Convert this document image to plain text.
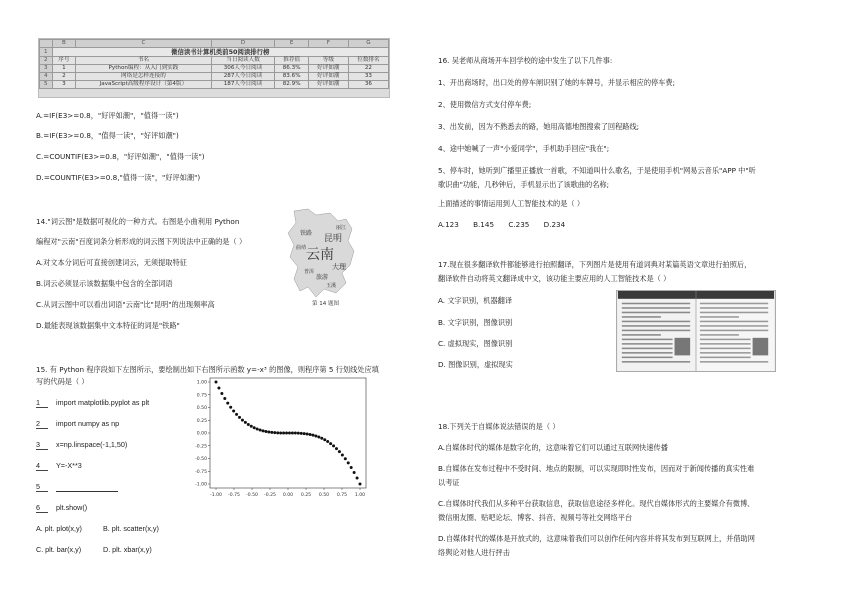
	B	C	D	E	F	G
1	微信读书计算机类前50阅读排行榜					
2	序号	书名	当日阅读人数	推荐值	等级	位数排名
3	1	Python编程：从入门到实践	306人今日阅读	86.3%	好评如潮	22
4	2	网络是怎样连接的	287人今日阅读	83.6%	好评如潮	33
5	3	JavaScript高级程序设计（第4版）	187人今日阅读	82.9%	好评如潮	36
A.=IF(E3>=0.8，"好评如潮"，"值得一读")
B.=IF(E3>=0.8，"值得一读"，"好评如潮")
C.=COUNTIF(E3>=0.8，"好评如潮"，"值得一读")
D.=COUNTIF(E3>=0.8,"值得一读"，"好评如潮")
14."词云图"是数据可视化的一种方式。右图是小曲利用 Python
编程对"云南"百度词条分析形成的词云图下列说法中正确的是（ ）
A.对文本分词后可直接创建词云，无须提取特征
B.词云必须显示该数据集中包含的全部词语
C.从词云图中可以看出词语"云南"比"昆明"的出现频率高
D.最能表现该数据集中文本特征的词是"铁路"
云南
昆明
铁路
大理
旅游
丽江
普洱
玉溪
曲靖
第 14 题图
15. 有 Python 程序段如下左图所示，要绘制出如下右图所示函数 y=-x³ 的图像，则程序第 5 行划线处应填
写的代码是（ ）
1 import matplotlib.pyplot as plt
2 import numpy as np
3 x=np.linspace(-1,1,50)
4 Y=-X**3
5
6 plt.show()
A. plt. plot(x,y)	B. plt. scatter(x,y)
C. plt. bar(x,y)	D. plt. xbar(x,y)
1.00
0.75
0.50
0.25
0.00
-0.25
-0.50
-0.75
-1.00
-1.00 -0.75 -0.50 -0.25 0.00 0.25 0.50 0.75 1.00
16. 吴老师从商场开车回学校的途中发生了以下几件事:
1、开出商场时，出口处的停车闸识别了她的车牌号，并显示相应的停车费;
2、使用微信方式支付停车费;
3、出发前，因为不熟悉去的路，她用高德地图搜索了回程路线;
4、途中她喊了一声"小爱同学"，手机助手回应"我在";
5、停车时，她听到广播里正播放一首歌，不知道叫什么歌名，于是使用手机"网易云音乐"APP 中"听
歌识曲"功能，几秒钟后，手机显示出了该歌曲的名称;
上面描述的事情运用到人工智能技术的是（ ）
A.123 B.145 C.235 D.234
17.现在很多翻译软件都能够进行拍照翻译，下列图片是使用有道词典对某篇英语文章进行拍照后，
翻译软件自动将英文翻译成中文，该功能主要应用的人工智能技术是（ ）
A. 文字识别，机器翻译
B. 文字识别，图像识别
C. 虚拟现实，图像识别
D. 图像识别，虚拟现实
18.下列关于自媒体说法错误的是（ ）
A.自媒体时代的媒体是数字化的，这意味着它们可以通过互联网快速传播
B.自媒体在发布过程中不受时间、地点的限制，可以实现即时性发布，因而对于新闻传播的真实性难
以考证
C.自媒体时代我们从多种平台获取信息，获取信息途径多样化。现代自媒体形式的主要媒介有微博、
微信朋友圈、贴吧论坛、博客、抖音、视频号等社交网络平台
D.自媒体时代的媒体是开放式的，这意味着我们可以创作任何内容并将其发布到互联网上，并借助网
络舆论对他人进行抨击
